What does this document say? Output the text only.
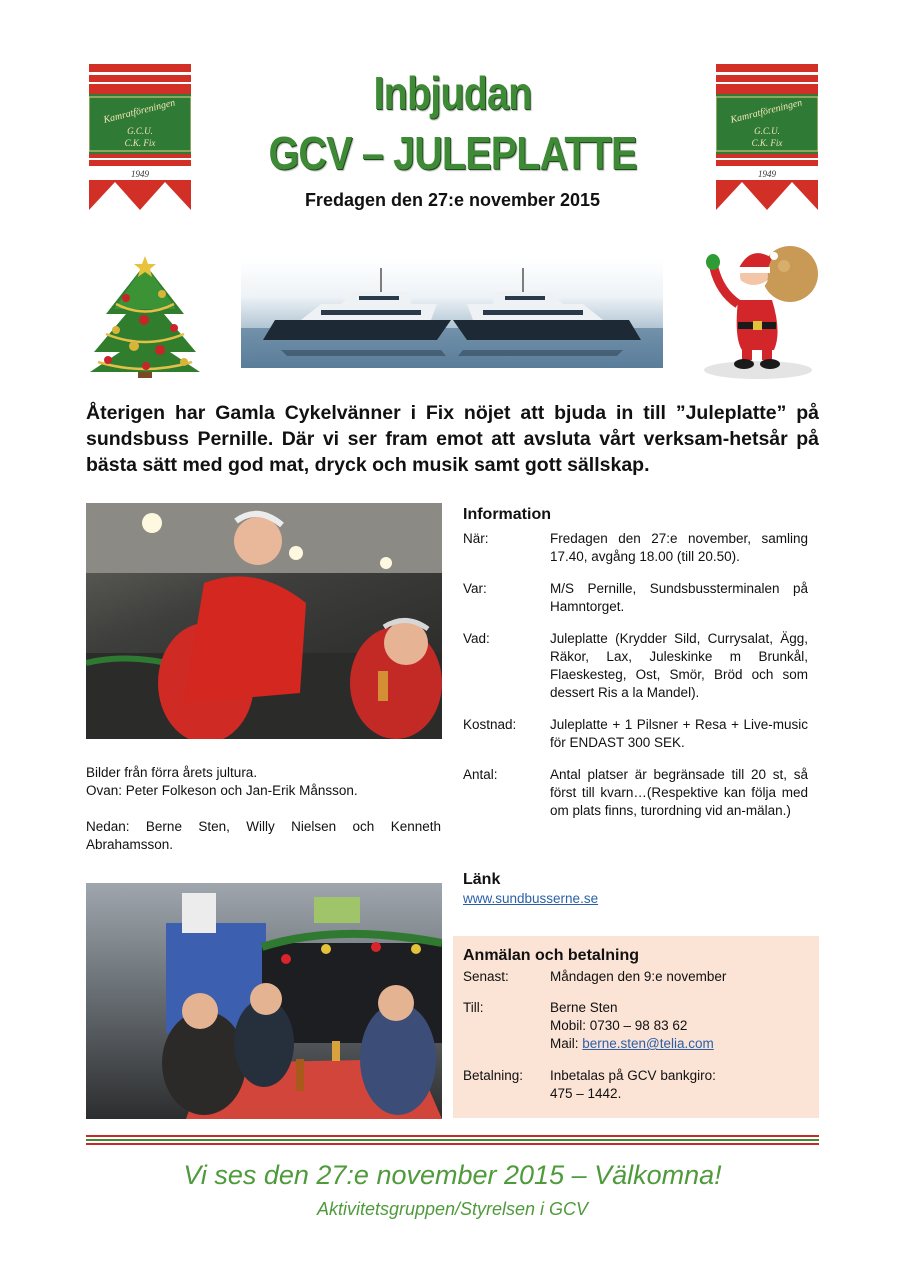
Kamratföreningen
G.C.U.
C.K. Fix
1949
Kamratföreningen
G.C.U.
C.K. Fix
1949
Inbjudan
GCV – JULEPLATTE
Fredagen den 27:e november 2015
Återigen har Gamla Cykelvänner i Fix nöjet att bjuda in till ”Juleplatte” på sundsbuss Pernille. Där vi ser fram emot att avsluta vårt verksam-hetsår på bästa sätt med god mat, dryck och musik samt gott sällskap.
Bilder från förra årets jultura.
Ovan: Peter Folkeson och Jan-Erik Månsson.
Nedan: Berne Sten, Willy Nielsen och Kenneth Abrahamsson.
Information
När:	Fredagen den 27:e november, samling 17.40, avgång 18.00 (till 20.50).
Var:	M/S Pernille, Sundsbussterminalen på Hamntorget.
Vad:	Juleplatte (Krydder Sild, Currysalat, Ägg, Räkor, Lax, Juleskinke m Brunkål, Flaeskesteg, Ost, Smör, Bröd och som dessert Ris a la Mandel).
Kostnad:	Juleplatte + 1 Pilsner + Resa + Live-music för ENDAST 300 SEK.
Antal:	Antal platser är begränsade till 20 st, så först till kvarn…(Respektive kan följa med om plats finns, turordning vid an-mälan.)
Länk
www.sundbusserne.se
Anmälan och betalning
Senast:	Måndagen den 9:e november
Till:	Berne Sten
Mobil: 0730 – 98 83 62
Mail: berne.sten@telia.com
Betalning:	Inbetalas på GCV bankgiro:
475 – 1442.
Vi ses den 27:e november 2015 – Välkomna!
Aktivitetsgruppen/Styrelsen i GCV
